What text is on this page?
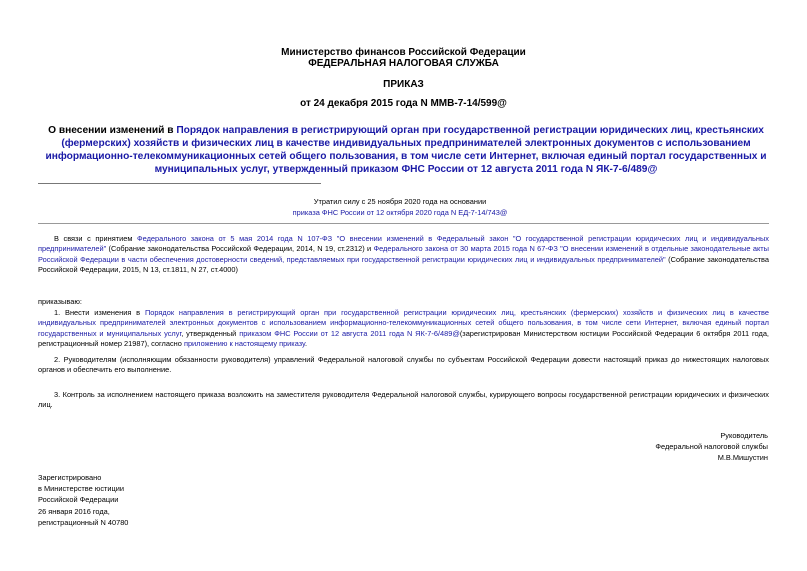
Министерство финансов Российской Федерации
ФЕДЕРАЛЬНАЯ НАЛОГОВАЯ СЛУЖБА
ПРИКАЗ
от 24 декабря 2015 года N ММВ-7-14/599@
О внесении изменений в Порядок направления в регистрирующий орган при государственной регистрации юридических лиц, крестьянских (фермерских) хозяйств и физических лиц в качестве индивидуальных предпринимателей электронных документов с использованием информационно-телекоммуникационных сетей общего пользования, в том числе сети Интернет, включая единый портал государственных и муниципальных услуг, утвержденный приказом ФНС России от 12 августа 2011 года N ЯК-7-6/489@
Утратил силу с 25 ноября 2020 года на основании
приказа ФНС России от 12 октября 2020 года N ЕД-7-14/743@
В связи с принятием Федерального закона от 5 мая 2014 года N 107-ФЗ "О внесении изменений в Федеральный закон "О государственной регистрации юридических лиц и индивидуальных предпринимателей" (Собрание законодательства Российской Федерации, 2014, N 19, ст.2312) и Федерального закона от 30 марта 2015 года N 67-ФЗ "О внесении изменений в отдельные законодательные акты Российской Федерации в части обеспечения достоверности сведений, представляемых при государственной регистрации юридических лиц и индивидуальных предпринимателей" (Собрание законодательства Российской Федерации, 2015, N 13, ст.1811, N 27, ст.4000)
приказываю:
1. Внести изменения в Порядок направления в регистрирующий орган при государственной регистрации юридических лиц, крестьянских (фермерских) хозяйств и физических лиц в качестве индивидуальных предпринимателей электронных документов с использованием информационно-телекоммуникационных сетей общего пользования, в том числе сети Интернет, включая единый портал государственных и муниципальных услуг, утвержденный приказом ФНС России от 12 августа 2011 года N ЯК-7-6/489@(зарегистрирован Министерством юстиции Российской Федерации 6 октября 2011 года, регистрационный номер 21987), согласно приложению к настоящему приказу.
2. Руководителям (исполняющим обязанности руководителя) управлений Федеральной налоговой службы по субъектам Российской Федерации довести настоящий приказ до нижестоящих налоговых органов и обеспечить его выполнение.
3. Контроль за исполнением настоящего приказа возложить на заместителя руководителя Федеральной налоговой службы, курирующего вопросы государственной регистрации юридических и физических лиц.
Руководитель
Федеральной налоговой службы
М.В.Мишустин
Зарегистрировано
в Министерстве юстиции
Российской Федерации
26 января 2016 года,
регистрационный N 40780
